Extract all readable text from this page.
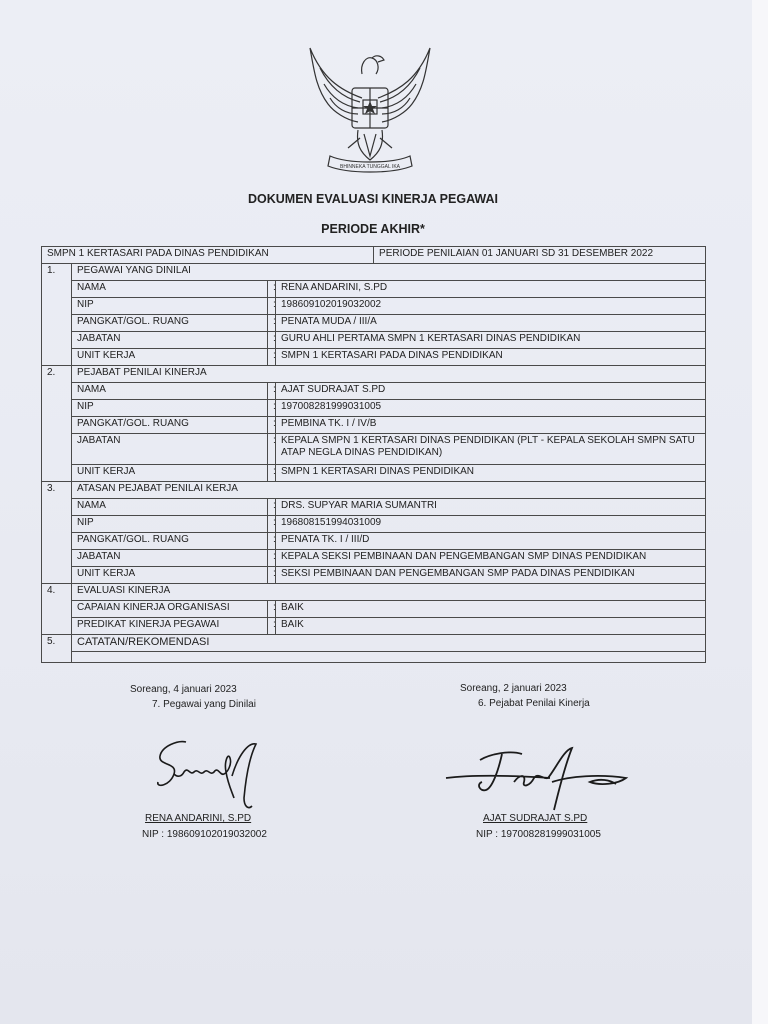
BHINNEKA TUNGGAL IKA
DOKUMEN EVALUASI KINERJA PEGAWAI
PERIODE AKHIR*
SMPN 1 KERTASARI PADA DINAS PENDIDIKAN				PERIODE PENILAIAN 01 JANUARI SD 31 DESEMBER 2022
1.	PEGAWAI YANG DINILAI			
	NAMA	:	RENA ANDARINI, S.PD	
	NIP	:	198609102019032002	
	PANGKAT/GOL. RUANG	:	PENATA MUDA / III/A	
	JABATAN	:	GURU AHLI PERTAMA SMPN 1 KERTASARI DINAS PENDIDIKAN	
	UNIT KERJA	:	SMPN 1 KERTASARI PADA DINAS PENDIDIKAN	
2.	PEJABAT PENILAI KINERJA			
	NAMA	:	AJAT SUDRAJAT S.PD	
	NIP	:	197008281999031005	
	PANGKAT/GOL. RUANG	:	PEMBINA TK. I / IV/B	
	JABATAN	:	KEPALA SMPN 1 KERTASARI DINAS PENDIDIKAN (PLT - KEPALA SEKOLAH SMPN SATU ATAP NEGLA DINAS PENDIDIKAN)	
	UNIT KERJA	:	SMPN 1 KERTASARI DINAS PENDIDIKAN	
3.	ATASAN PEJABAT PENILAI KERJA			
	NAMA	:	DRS. SUPYAR MARIA SUMANTRI	
	NIP	:	196808151994031009	
	PANGKAT/GOL. RUANG	:	PENATA TK. I / III/D	
	JABATAN	:	KEPALA SEKSI PEMBINAAN DAN PENGEMBANGAN SMP DINAS PENDIDIKAN	
	UNIT KERJA	:	SEKSI PEMBINAAN DAN PENGEMBANGAN SMP PADA DINAS PENDIDIKAN	
4.	EVALUASI KINERJA			
	CAPAIAN KINERJA ORGANISASI	:	BAIK	
	PREDIKAT KINERJA PEGAWAI	:	BAIK	
5.	CATATAN/REKOMENDASI			

Soreang, 4 januari 2023
7. Pegawai yang Dinilai
RENA ANDARINI, S.PD
NIP : 198609102019032002
Soreang, 2 januari 2023
6. Pejabat Penilai Kinerja
AJAT SUDRAJAT S.PD
NIP : 197008281999031005
